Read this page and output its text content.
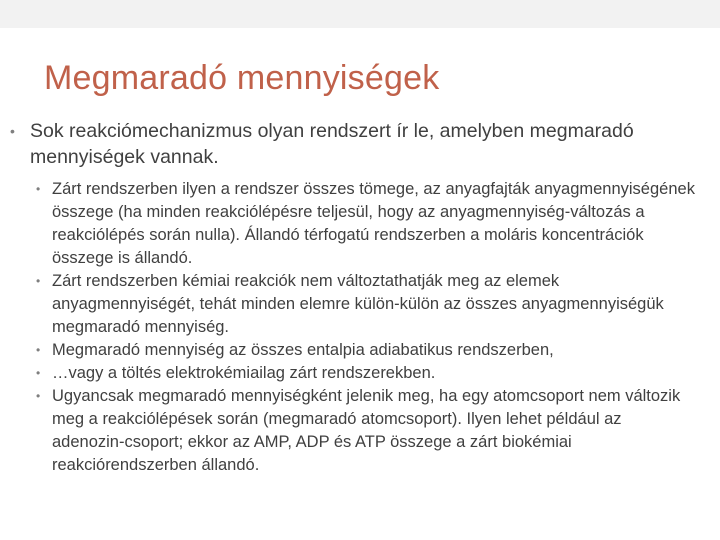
Megmaradó mennyiségek
• Sok reakciómechanizmus olyan rendszert ír le, amelyben megmaradó mennyiségek vannak.
• Zárt rendszerben ilyen a rendszer összes tömege, az anyagfajták anyagmennyiségének összege (ha minden reakciólépésre teljesül, hogy az anyagmennyiség-változás a reakciólépés során nulla). Állandó térfogatú rendszerben a moláris koncentrációk összege is állandó.
• Zárt rendszerben kémiai reakciók nem változtathatják meg az elemek anyagmennyiségét, tehát minden elemre külön-külön az összes anyagmennyiségük megmaradó mennyiség.
• Megmaradó mennyiség az összes entalpia adiabatikus rendszerben,
• …vagy a töltés elektrokémiailag zárt rendszerekben.
• Ugyancsak megmaradó mennyiségként jelenik meg, ha egy atomcsoport nem változik meg a reakciólépések során (megmaradó atomcsoport). Ilyen lehet például az adenozin-csoport; ekkor az AMP, ADP és ATP összege a zárt biokémiai reakciórendszerben állandó.
